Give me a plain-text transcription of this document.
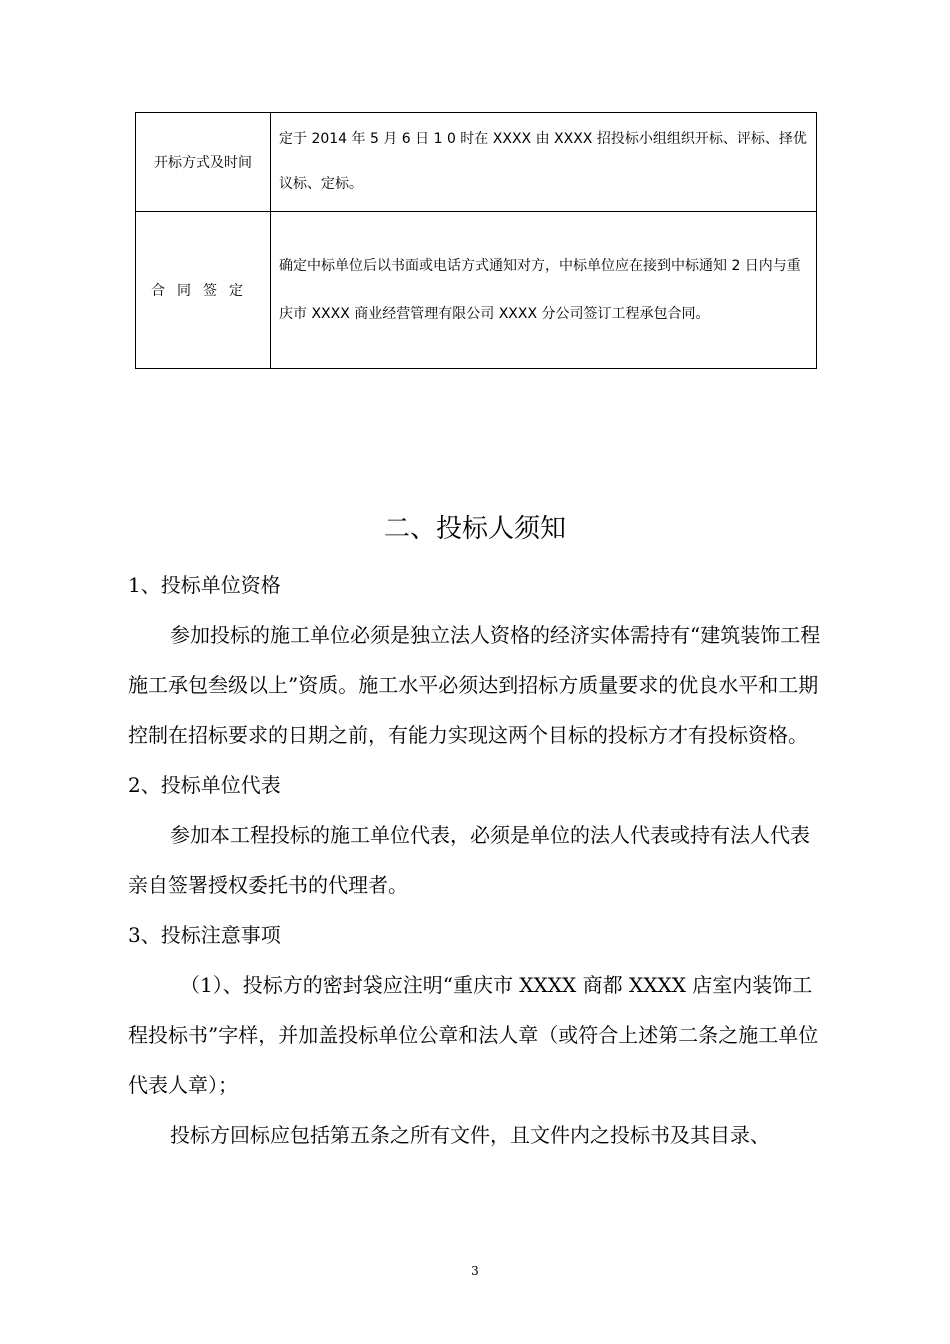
开标方式及时间	定于 2014 年 5 月 6 日 1 0 时在 XXXX 由 XXXX 招投标小组组织开标、评标、择优议标、定标。
合同签定	确定中标单位后以书面或电话方式通知对方，中标单位应在接到中标通知 2 日内与重庆市 XXXX 商业经营管理有限公司 XXXX 分公司签订工程承包合同。
二、投标人须知

1、投标单位资格

参加投标的施工单位必须是独立法人资格的经济实体需持有“建筑装饰工程施工承包叁级以上”资质。施工水平必须达到招标方质量要求的优良水平和工期控制在招标要求的日期之前，有能力实现这两个目标的投标方才有投标资格。

2、投标单位代表

参加本工程投标的施工单位代表，必须是单位的法人代表或持有法人代表亲自签署授权委托书的代理者。

3、投标注意事项

（1）、投标方的密封袋应注明“重庆市 XXXX 商都 XXXX 店室内装饰工程投标书”字样，并加盖投标单位公章和法人章（或符合上述第二条之施工单位代表人章）；

投标方回标应包括第五条之所有文件，且文件内之投标书及其目录、

3
